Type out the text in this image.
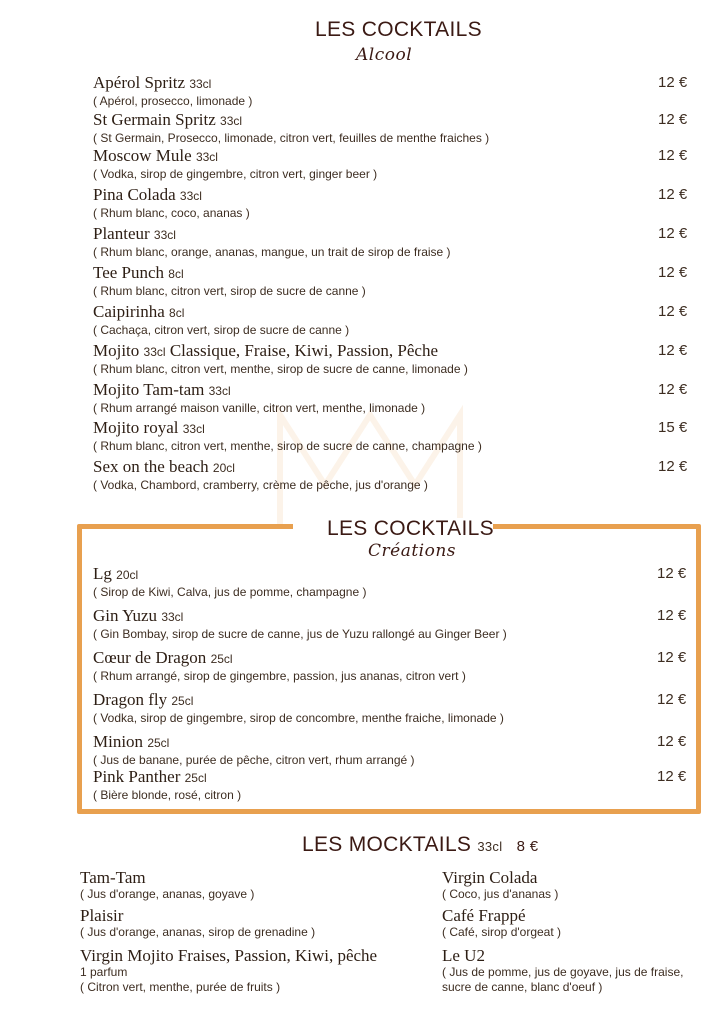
LES COCKTAILS
Alcool
Apérol Spritz 33cl
( Apérol, prosecco, limonade )
12 €
St Germain Spritz 33cl
( St Germain, Prosecco, limonade, citron vert, feuilles de menthe fraiches )
12 €
Moscow Mule 33cl
( Vodka, sirop de gingembre, citron vert, ginger beer )
12 €
Pina Colada 33cl
( Rhum blanc, coco, ananas )
12 €
Planteur 33cl
( Rhum blanc, orange, ananas, mangue, un trait de sirop de fraise )
12 €
Tee Punch 8cl
( Rhum blanc, citron vert, sirop de sucre de canne )
12 €
Caipirinha 8cl
( Cachaça, citron vert, sirop de sucre de canne )
12 €
Mojito 33cl Classique, Fraise, Kiwi, Passion, Pêche
( Rhum blanc, citron vert, menthe, sirop de sucre de canne, limonade )
12 €
Mojito Tam-tam 33cl
( Rhum arrangé maison vanille, citron vert, menthe, limonade )
12 €
Mojito royal 33cl
( Rhum blanc, citron vert, menthe, sirop de sucre de canne, champagne )
15 €
Sex on the beach 20cl
( Vodka, Chambord, cramberry, crème de pêche, jus d'orange )
12 €
LES COCKTAILS
Créations
Lg 20cl
( Sirop de Kiwi, Calva, jus de pomme, champagne )
12 €
Gin Yuzu 33cl
( Gin Bombay, sirop de sucre de canne, jus de Yuzu rallongé au Ginger Beer )
12 €
Cœur de Dragon 25cl
( Rhum arrangé, sirop de gingembre, passion, jus ananas, citron vert )
12 €
Dragon fly 25cl
( Vodka, sirop de gingembre, sirop de concombre, menthe fraiche, limonade )
12 €
Minion 25cl
( Jus de banane, purée de pêche, citron vert, rhum arrangé )
12 €
Pink Panther 25cl
( Bière blonde, rosé, citron )
12 €
LES MOCKTAILS 33cl 8 €
Tam-Tam
( Jus d'orange, ananas, goyave )
Plaisir
( Jus d'orange, ananas, sirop de grenadine )
Virgin Mojito Fraises, Passion, Kiwi, pêche
1 parfum
( Citron vert, menthe, purée de fruits )
Virgin Colada
( Coco, jus d'ananas )
Café Frappé
( Café, sirop d'orgeat )
Le U2
( Jus de pomme, jus de goyave, jus de fraise,
sucre de canne, blanc d'oeuf )
